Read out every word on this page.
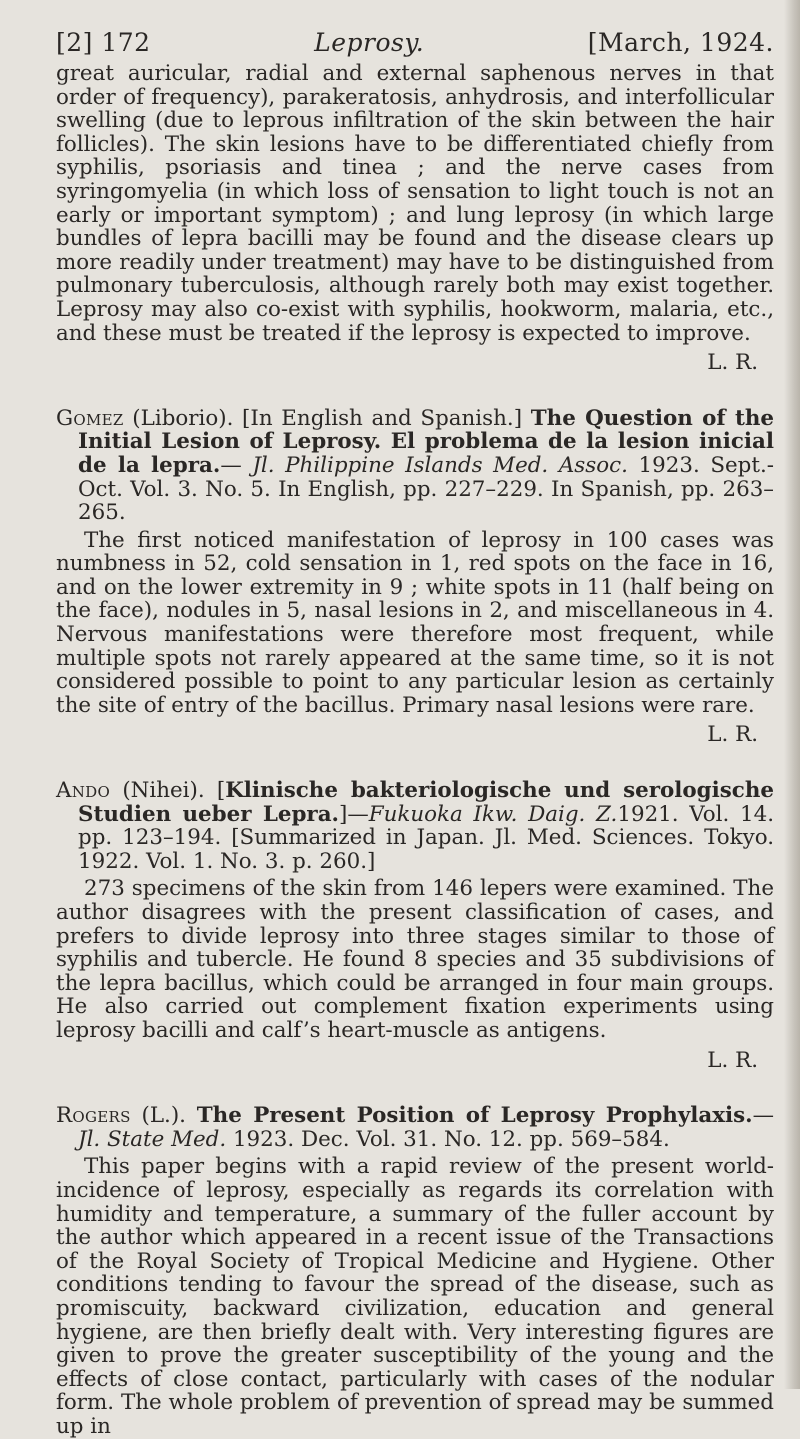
[2] 172	Leprosy.	[March, 1924.

great auricular, radial and external saphenous nerves in that order of frequency), parakeratosis, anhydrosis, and interfollicular swelling (due to leprous infiltration of the skin between the hair follicles). The skin lesions have to be differentiated chiefly from syphilis, psoriasis and tinea ; and the nerve cases from syringomyelia (in which loss of sensation to light touch is not an early or important symptom) ; and lung leprosy (in which large bundles of lepra bacilli may be found and the disease clears up more readily under treatment) may have to be distinguished from pulmonary tuberculosis, although rarely both may exist together. Leprosy may also co-exist with syphilis, hookworm, malaria, etc., and these must be treated if the leprosy is expected to improve.

L. R.

Gomez (Liborio). [In English and Spanish.] The Question of the Initial Lesion of Leprosy. El problema de la lesion inicial de la lepra.— Jl. Philippine Islands Med. Assoc. 1923. Sept.-Oct. Vol. 3. No. 5. In English, pp. 227–229. In Spanish, pp. 263–265.

The first noticed manifestation of leprosy in 100 cases was numbness in 52, cold sensation in 1, red spots on the face in 16, and on the lower extremity in 9 ; white spots in 11 (half being on the face), nodules in 5, nasal lesions in 2, and miscellaneous in 4. Nervous manifestations were therefore most frequent, while multiple spots not rarely appeared at the same time, so it is not considered possible to point to any particular lesion as certainly the site of entry of the bacillus. Primary nasal lesions were rare.

L. R.

Ando (Nihei). [Klinische bakteriologische und serologische Studien ueber Lepra.]—Fukuoka Ikw. Daig. Z.1921. Vol. 14. pp. 123–194. [Summarized in Japan. Jl. Med. Sciences. Tokyo. 1922. Vol. 1. No. 3. p. 260.]

273 specimens of the skin from 146 lepers were examined. The author disagrees with the present classification of cases, and prefers to divide leprosy into three stages similar to those of syphilis and tubercle. He found 8 species and 35 subdivisions of the lepra bacillus, which could be arranged in four main groups. He also carried out complement fixation experiments using leprosy bacilli and calf’s heart-muscle as antigens.

L. R.

Rogers (L.). The Present Position of Leprosy Prophylaxis.— Jl. State Med. 1923. Dec. Vol. 31. No. 12. pp. 569–584.

This paper begins with a rapid review of the present world-incidence of leprosy, especially as regards its correlation with humidity and temperature, a summary of the fuller account by the author which appeared in a recent issue of the Transactions of the Royal Society of Tropical Medicine and Hygiene. Other conditions tending to favour the spread of the disease, such as promiscuity, backward civilization, education and general hygiene, are then briefly dealt with. Very interesting figures are given to prove the greater susceptibility of the young and the effects of close contact, particularly with cases of the nodular form. The whole problem of prevention of spread may be summed up in
